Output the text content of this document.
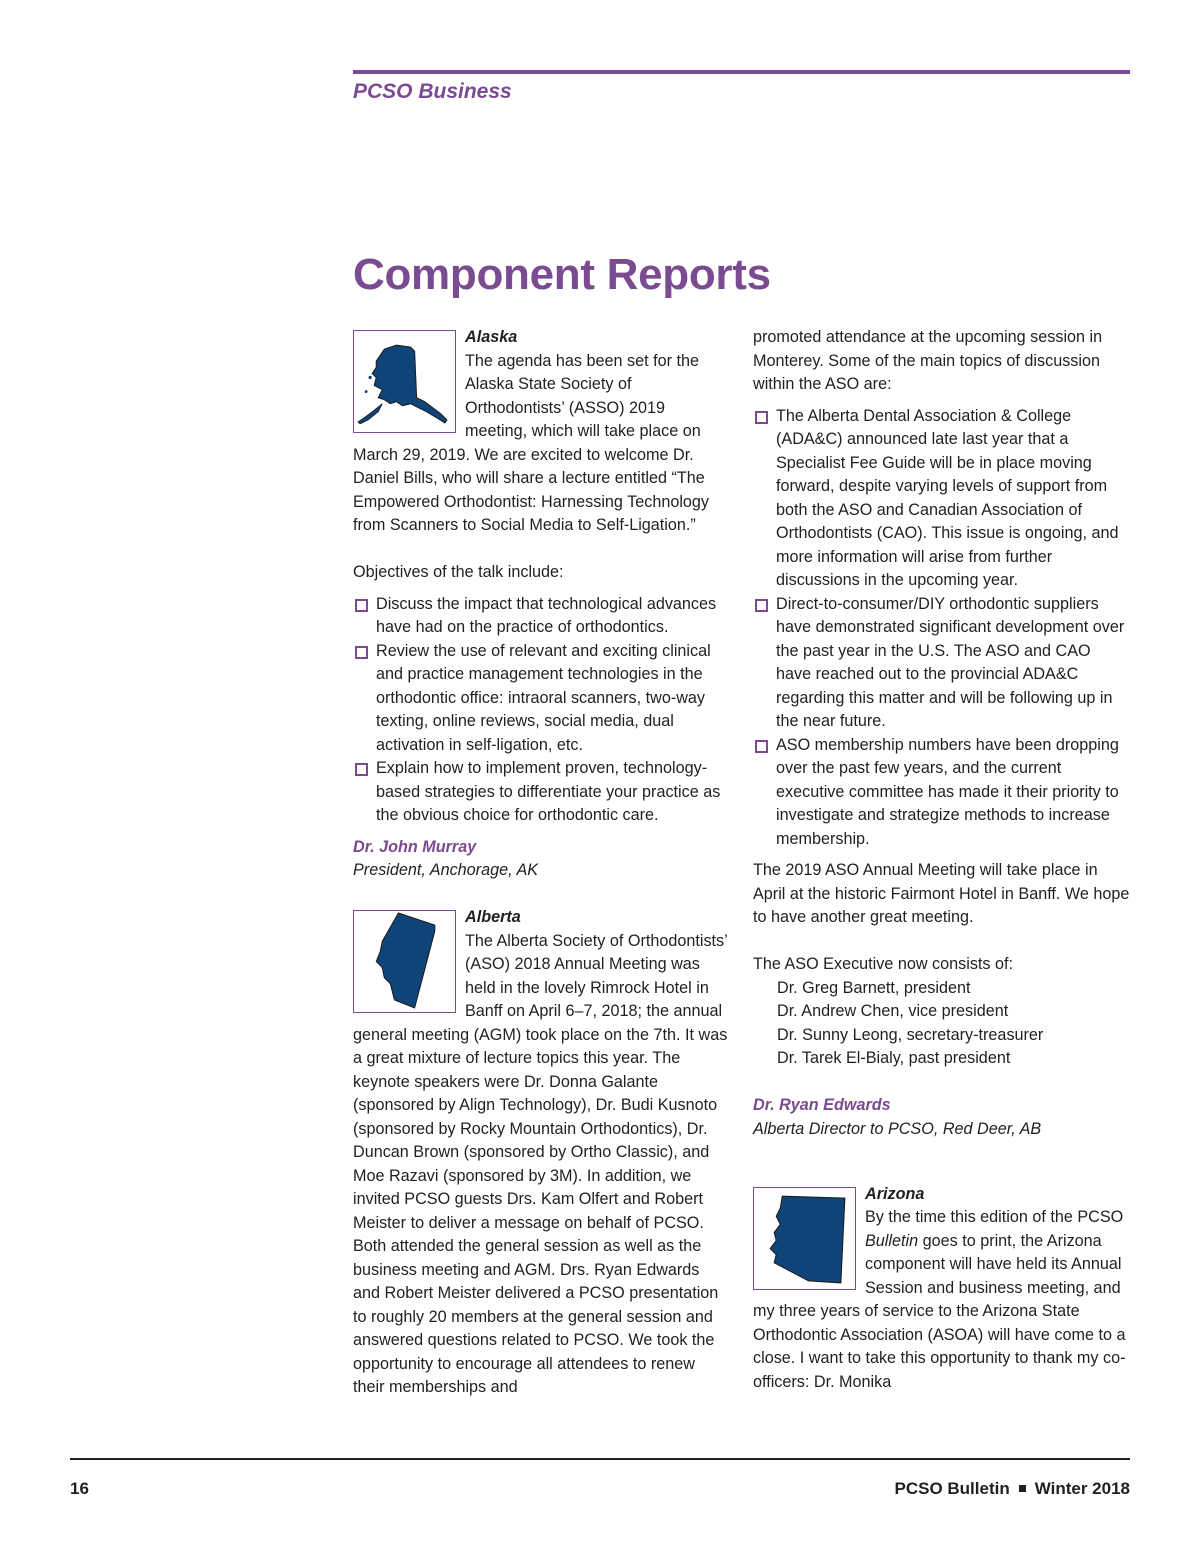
PCSO Business
Component Reports

Alaska
The agenda has been set for the Alaska State Society of Orthodontists’ (ASSO) 2019 meeting, which will take place on March 29, 2019. We are excited to welcome Dr. Daniel Bills, who will share a lecture entitled “The Empowered Orthodontist: Harnessing Technology from Scanners to Social Media to Self-Ligation.”

Objectives of the talk include:

Discuss the impact that technological advances have had on the practice of orthodontics.
Review the use of relevant and exciting clinical and practice management technologies in the orthodontic office: intraoral scanners, two-way texting, online reviews, social media, dual activation in self-ligation, etc.
Explain how to implement proven, technology-based strategies to differentiate your practice as the obvious choice for orthodontic care.

Dr. John Murray

President, Anchorage, AK

Alberta
The Alberta Society of Orthodontists’ (ASO) 2018 Annual Meeting was held in the lovely Rimrock Hotel in Banff on April 6–7, 2018; the annual general meeting (AGM) took place on the 7th. It was a great mixture of lecture topics this year. The keynote speakers were Dr. Donna Galante (sponsored by Align Technology), Dr. Budi Kusnoto (sponsored by Rocky Mountain Orthodontics), Dr. Duncan Brown (sponsored by Ortho Classic), and Moe Razavi (sponsored by 3M). In addition, we invited PCSO guests Drs. Kam Olfert and Robert Meister to deliver a message on behalf of PCSO. Both attended the general session as well as the business meeting and AGM. Drs. Ryan Edwards and Robert Meister delivered a PCSO presentation to roughly 20 members at the general session and answered questions related to PCSO. We took the opportunity to encourage all attendees to renew their memberships and

promoted attendance at the upcoming session in Monterey. Some of the main topics of discussion within the ASO are:

The Alberta Dental Association & College (ADA&C) announced late last year that a Specialist Fee Guide will be in place moving forward, despite varying levels of support from both the ASO and Canadian Association of Orthodontists (CAO). This issue is ongoing, and more information will arise from further discussions in the upcoming year.
Direct-to-consumer/DIY orthodontic suppliers have demonstrated significant development over the past year in the U.S. The ASO and CAO have reached out to the provincial ADA&C regarding this matter and will be following up in the near future.
ASO membership numbers have been dropping over the past few years, and the current executive committee has made it their priority to investigate and strategize methods to increase membership.

The 2019 ASO Annual Meeting will take place in April at the historic Fairmont Hotel in Banff. We hope to have another great meeting.

The ASO Executive now consists of:

Dr. Greg Barnett, president

Dr. Andrew Chen, vice president

Dr. Sunny Leong, secretary-treasurer

Dr. Tarek El-Bialy, past president

Dr. Ryan Edwards

Alberta Director to PCSO, Red Deer, AB

Arizona
By the time this edition of the PCSO Bulletin goes to print, the Arizona component will have held its Annual Session and business meeting, and my three years of service to the Arizona State Orthodontic Association (ASOA) will have come to a close. I want to take this opportunity to thank my co-officers: Dr. Monika

16	PCSO Bulletin Winter 2018
